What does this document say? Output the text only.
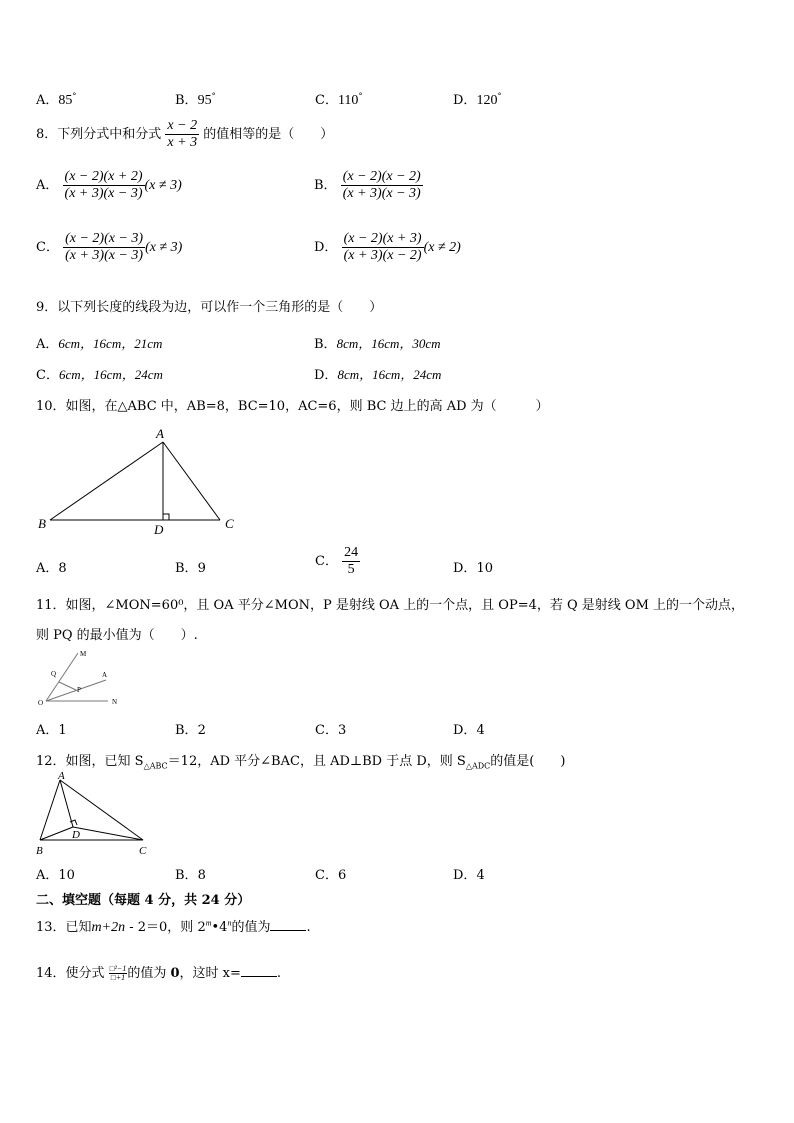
A．85°	B．95°	C．110°	D．120°
8．下列分式中和分式 $\frac{x - 2}{x + 3}$ 的值相等的是（　　）
A． $\frac{(x - 2)(x + 2)}{(x + 3)(x - 3)} (x \ne 3)$	B． $\frac{(x - 2)(x - 2)}{(x + 3)(x - 3)}$
C． $\frac{(x - 2)(x - 3)}{(x + 3)(x - 3)} (x \ne 3)$	D． $\frac{(x - 2)(x + 3)}{(x + 3)(x - 2)} (x \ne 2)$
9．以下列长度的线段为边，可以作一个三角形的是（　　）
A．6cm，16cm，21cm	B．8cm，16cm，30cm
C．6cm，16cm，24cm	D．8cm，16cm，24cm
10．如图，在△ABC 中，AB=8，BC=10，AC=6，则 BC 边上的高 AD 为（　　　）
A
B	C
D
A．8	B．9	C． $\frac{24}{5}$	D．10
11．如图，∠MON=60⁰，且 OA 平分∠MON，P 是射线 OA 上的一个点，且 OP=4，若 Q 是射线 OM 上的一个动点，
则 PQ 的最小值为（　　）.
M
Q	A
P
O	N
A．1	B．2	C．3	D．4
12．如图，已知 $S_{\triangle ABC}=12$，AD 平分∠BAC，且 AD⊥BD 于点 D，则 $S_{\triangle ADC}$的值是(　　)
A
B	C
D
A．10	B．8	C．6	D．4
二、填空题（每题 4 分，共 24 分）
13．已知m+2n - 2＝0，则 2$^m$•4$^n$的值为	.
14．使分式 $\frac{\text{□²−1}}{□+1}$ 的值为 0，这时 x=	.
